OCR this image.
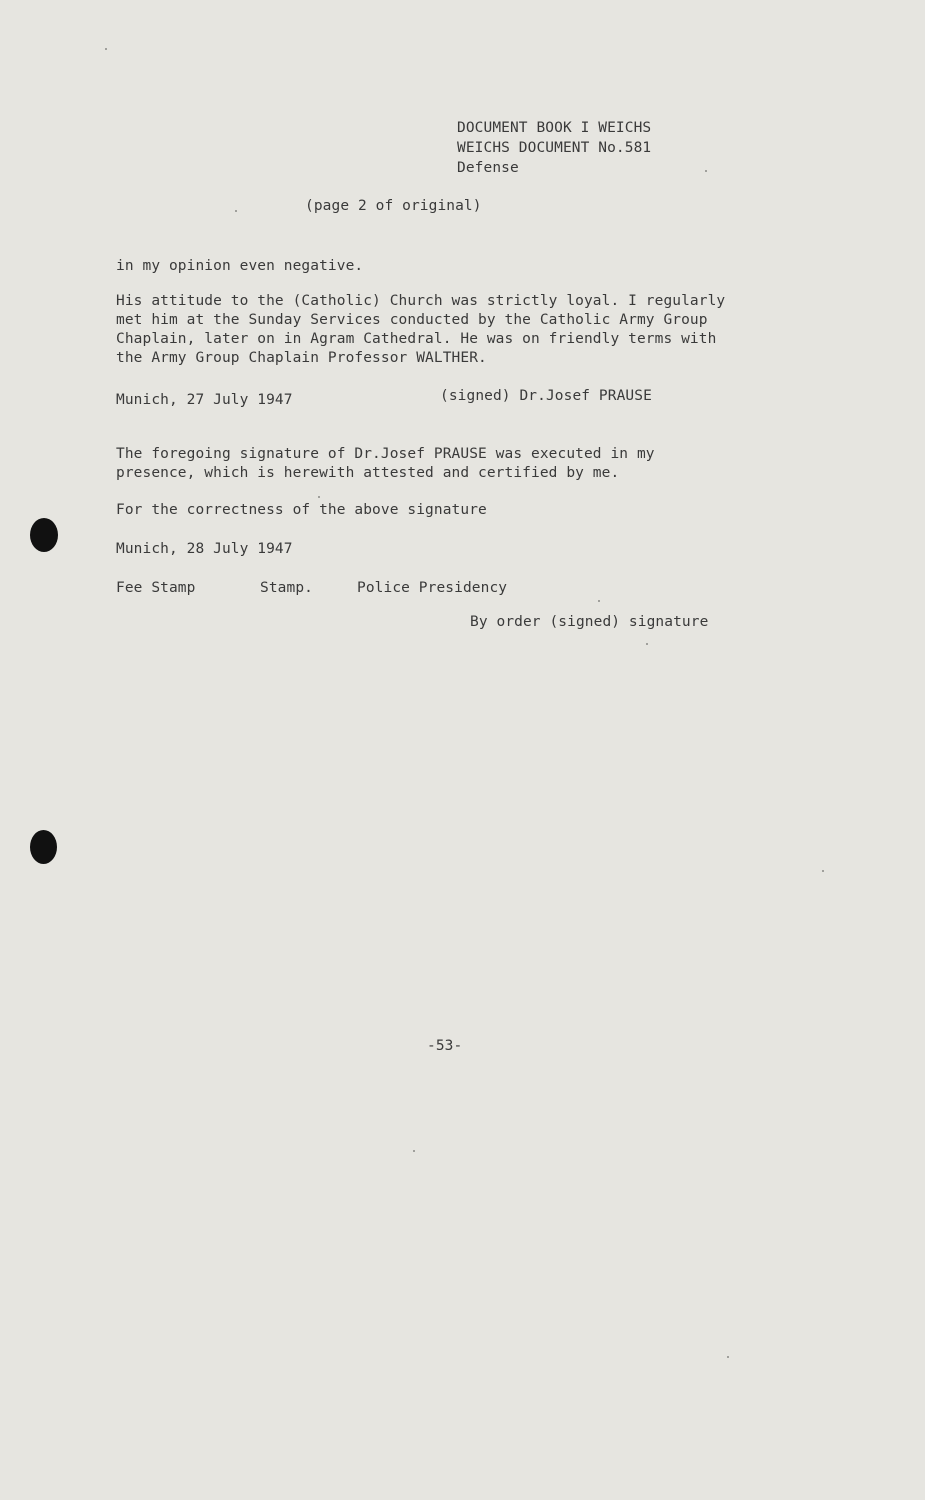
DOCUMENT BOOK I WEICHS
WEICHS DOCUMENT No.581
Defense
(page 2 of original)
in my opinion even negative.
His attitude to the (Catholic) Church was strictly loyal. I regularly
met him at the Sunday Services conducted by the Catholic Army Group
Chaplain, later on in Agram Cathedral. He was on friendly terms with
the Army Group Chaplain Professor WALTHER.
Munich, 27 July 1947	(signed) Dr.Josef PRAUSE
The foregoing signature of Dr.Josef PRAUSE was executed in my
presence, which is herewith attested and certified by me.
For the correctness of the above signature
Munich, 28 July 1947
Fee Stamp	Stamp.	Police Presidency
By order (signed) signature
-53-
